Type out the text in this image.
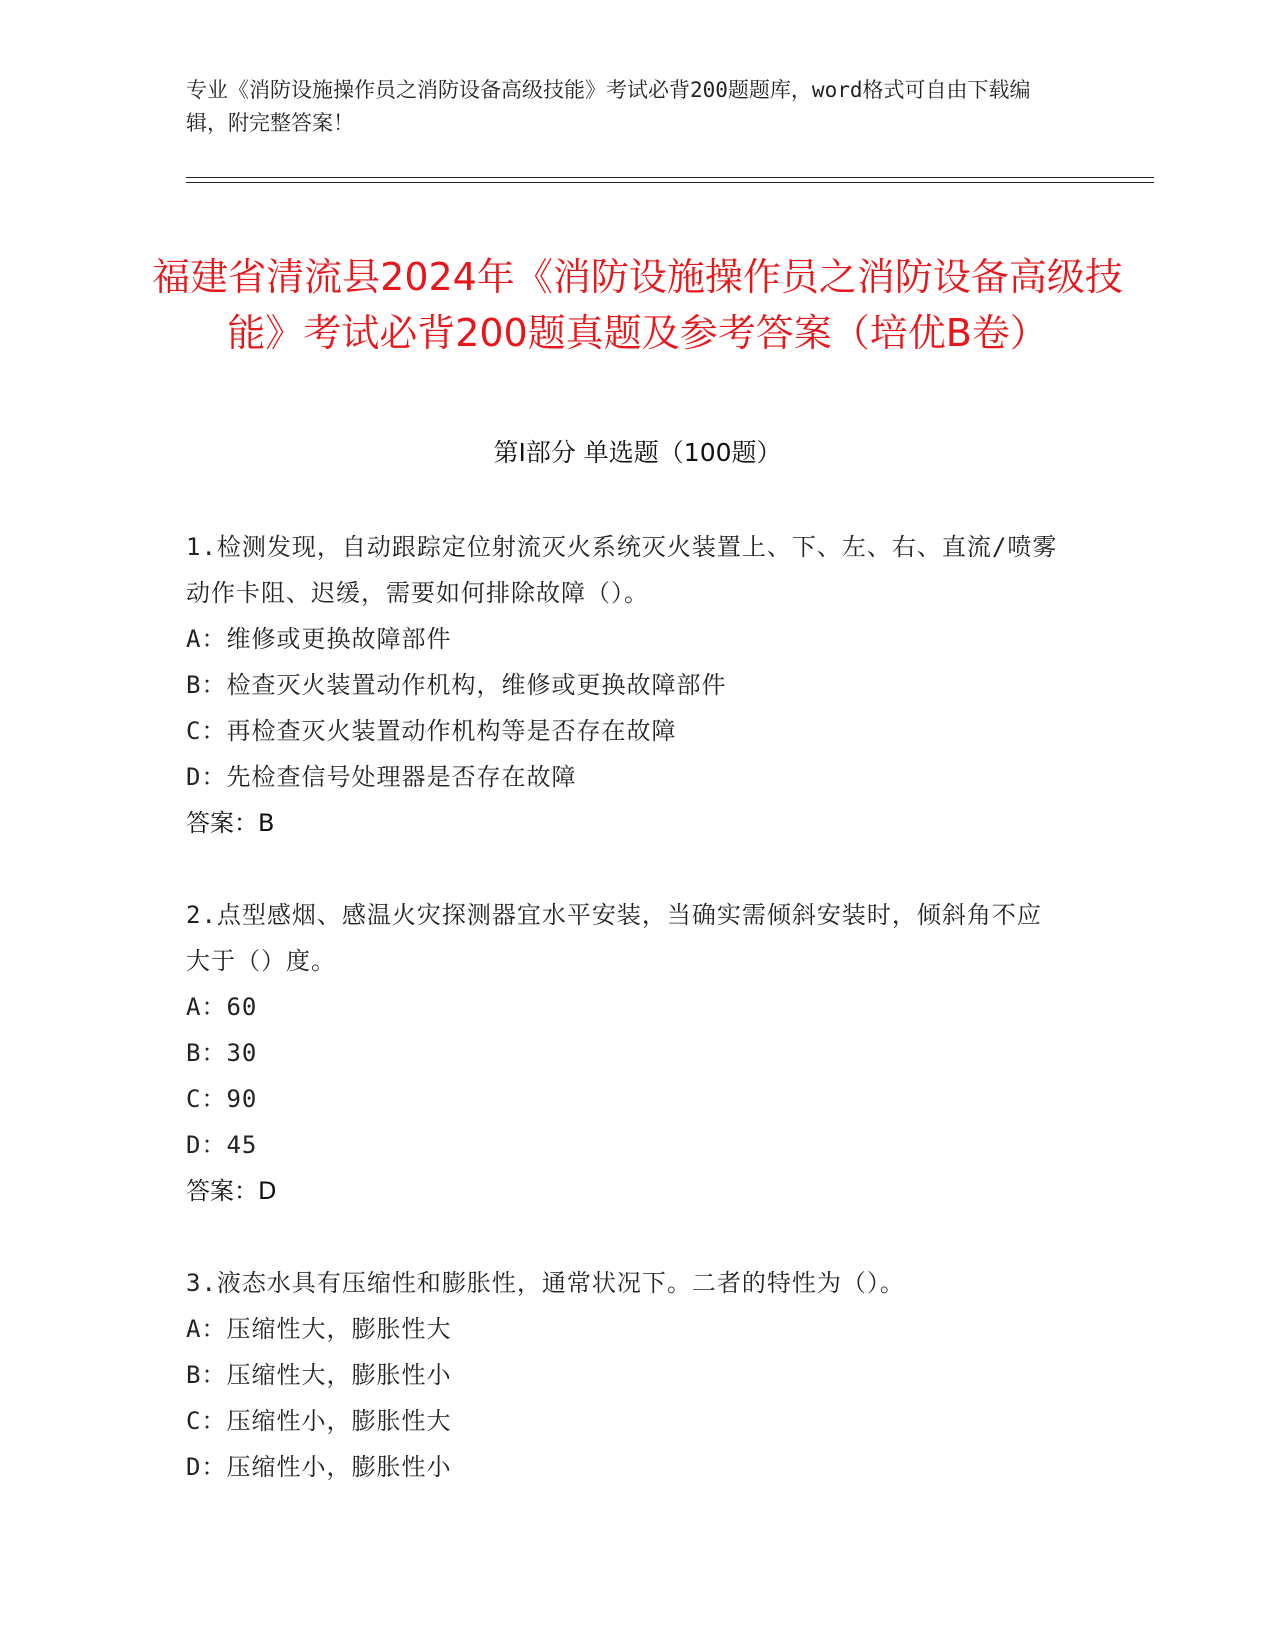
专业《消防设施操作员之消防设备高级技能》考试必背200题题库，word格式可自由下载编辑，附完整答案！
福建省清流县2024年《消防设施操作员之消防设备高级技能》考试必背200题真题及参考答案（培优B卷）
第I部分 单选题（100题）
1.检测发现，自动跟踪定位射流灭火系统灭火装置上、下、左、右、直流/喷雾动作卡阻、迟缓，需要如何排除故障（）。
A：维修或更换故障部件
B：检查灭火装置动作机构，维修或更换故障部件
C：再检查灭火装置动作机构等是否存在故障
D：先检查信号处理器是否存在故障
答案：B
2.点型感烟、感温火灾探测器宜水平安装，当确实需倾斜安装时，倾斜角不应大于（）度。
A：60
B：30
C：90
D：45
答案：D
3.液态水具有压缩性和膨胀性，通常状况下。二者的特性为（）。
A：压缩性大，膨胀性大
B：压缩性大，膨胀性小
C：压缩性小，膨胀性大
D：压缩性小，膨胀性小
